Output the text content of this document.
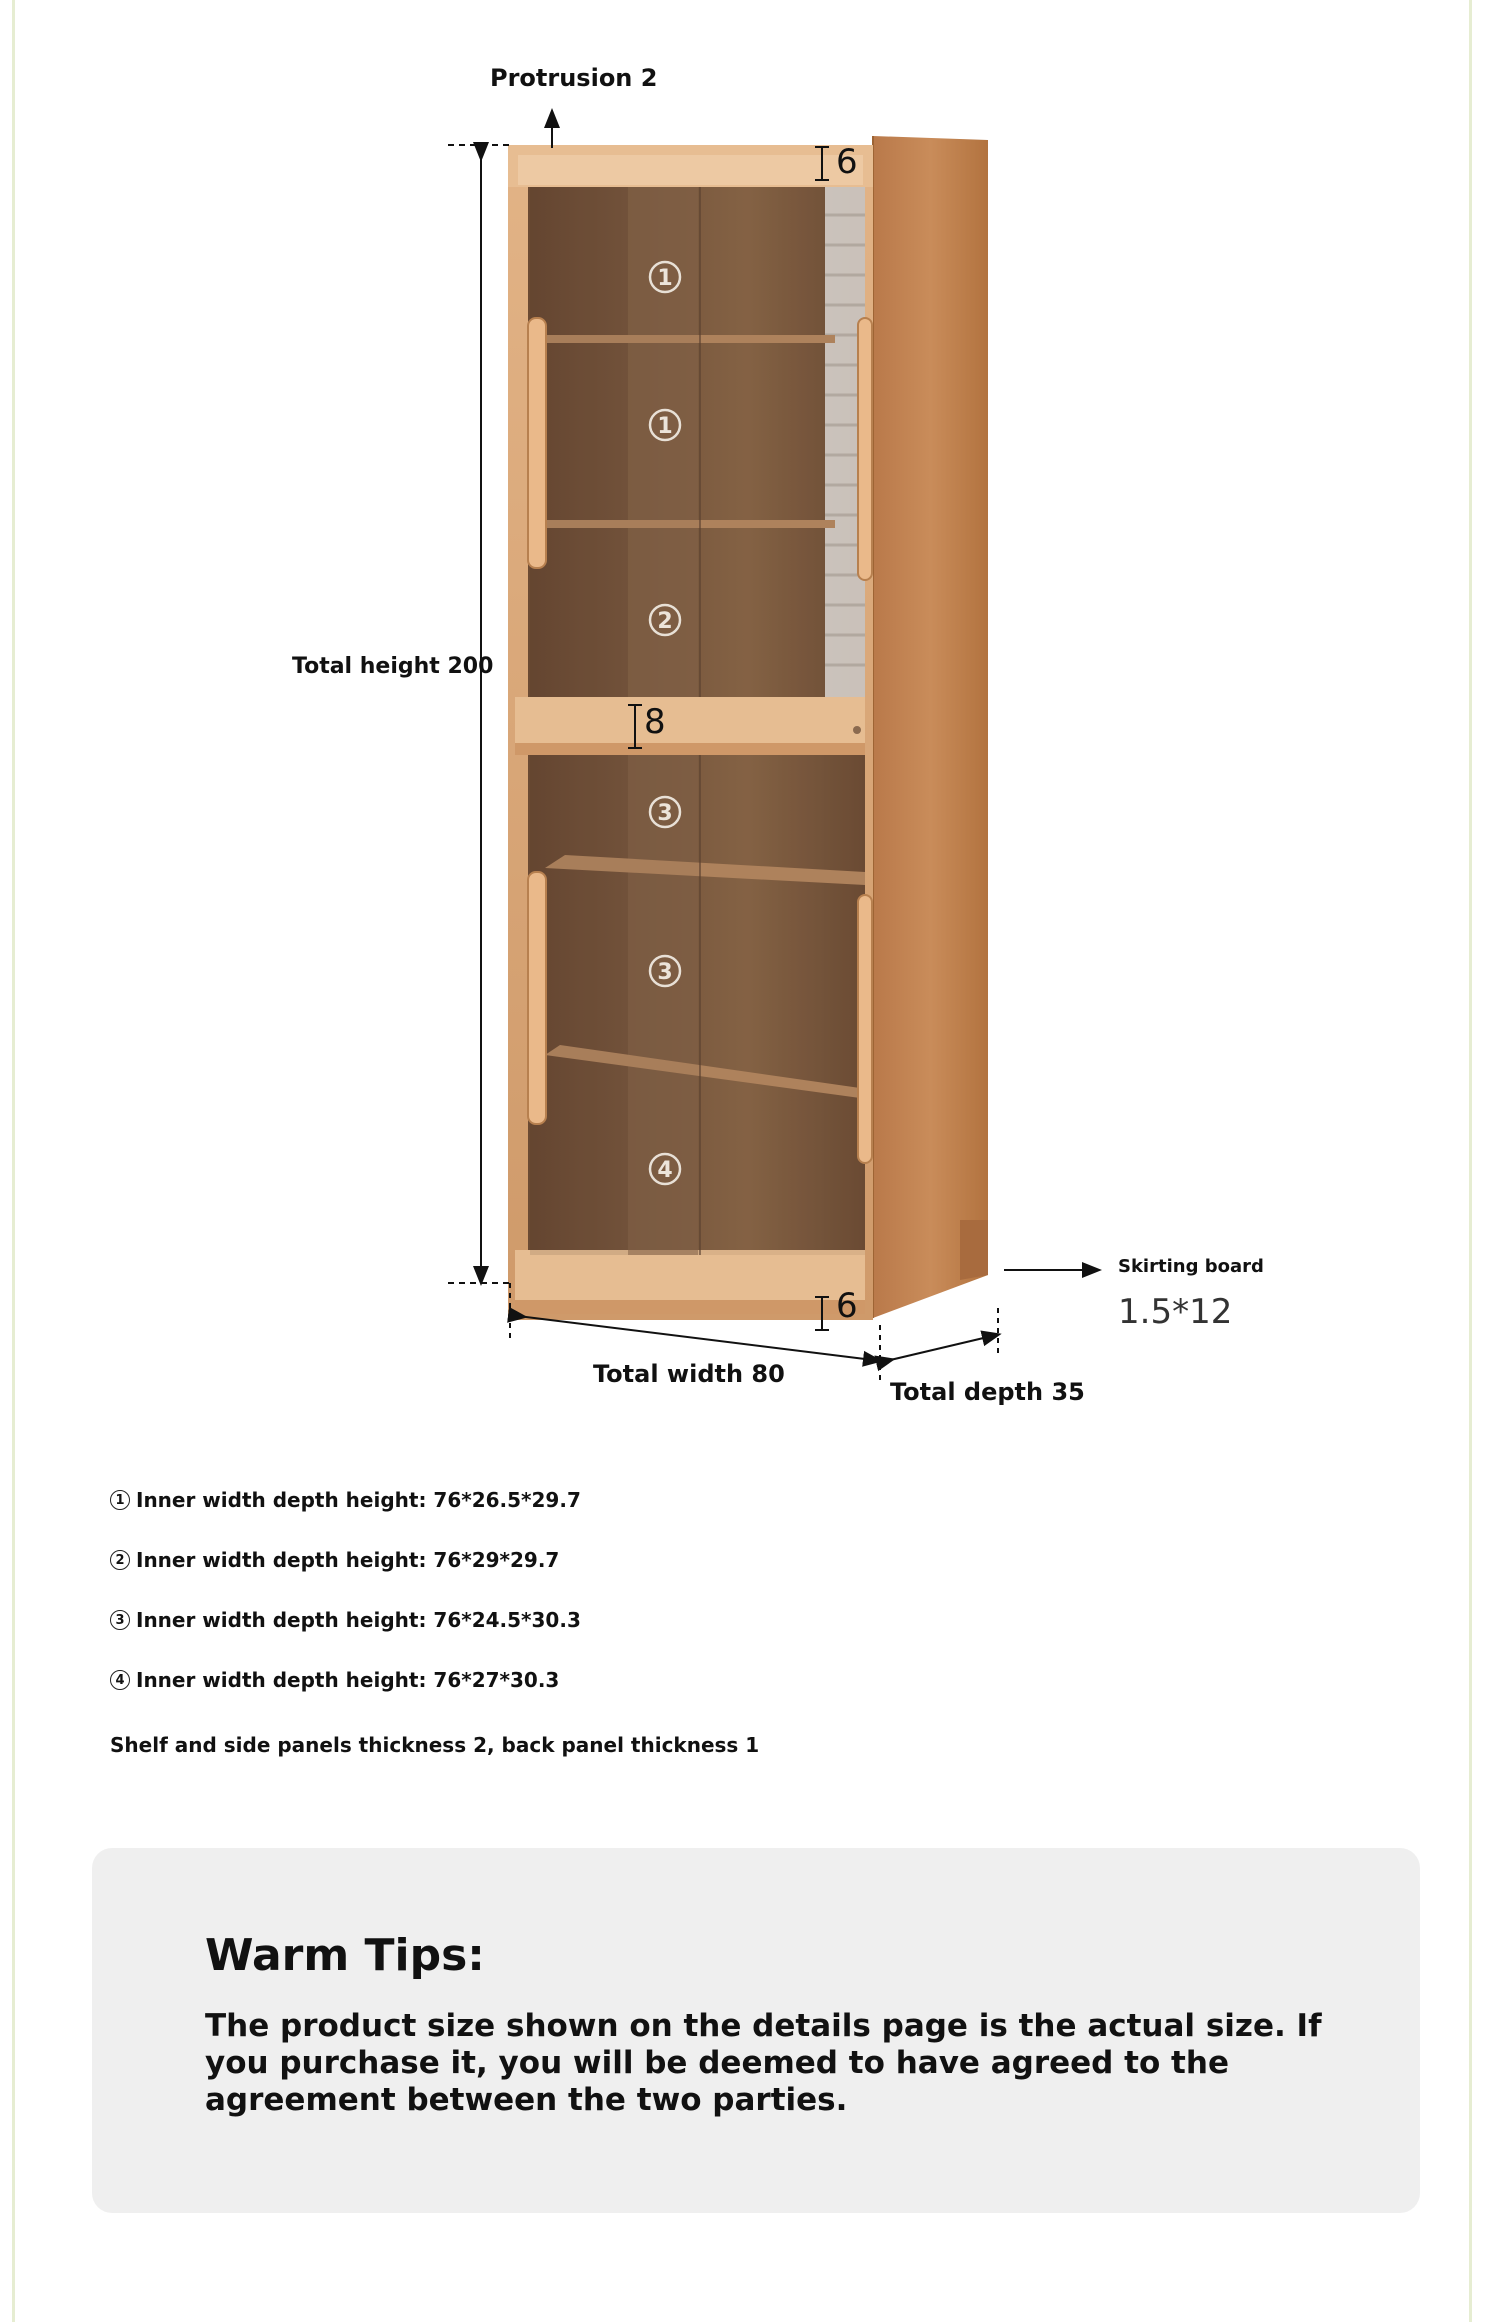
1
1
2
3
3
4
Protrusion 2
Total height 200
Total width 80
Total depth 35
Skirting board
1.5*12
6
8
6
1 Inner width depth height: 76*26.5*29.7
2 Inner width depth height: 76*29*29.7
3 Inner width depth height: 76*24.5*30.3
4 Inner width depth height: 76*27*30.3
Shelf and side panels thickness 2, back panel thickness 1
Warm Tips:
The product size shown on the details page is the actual size. If you purchase it, you will be deemed to have agreed to the agreement between the two parties.
